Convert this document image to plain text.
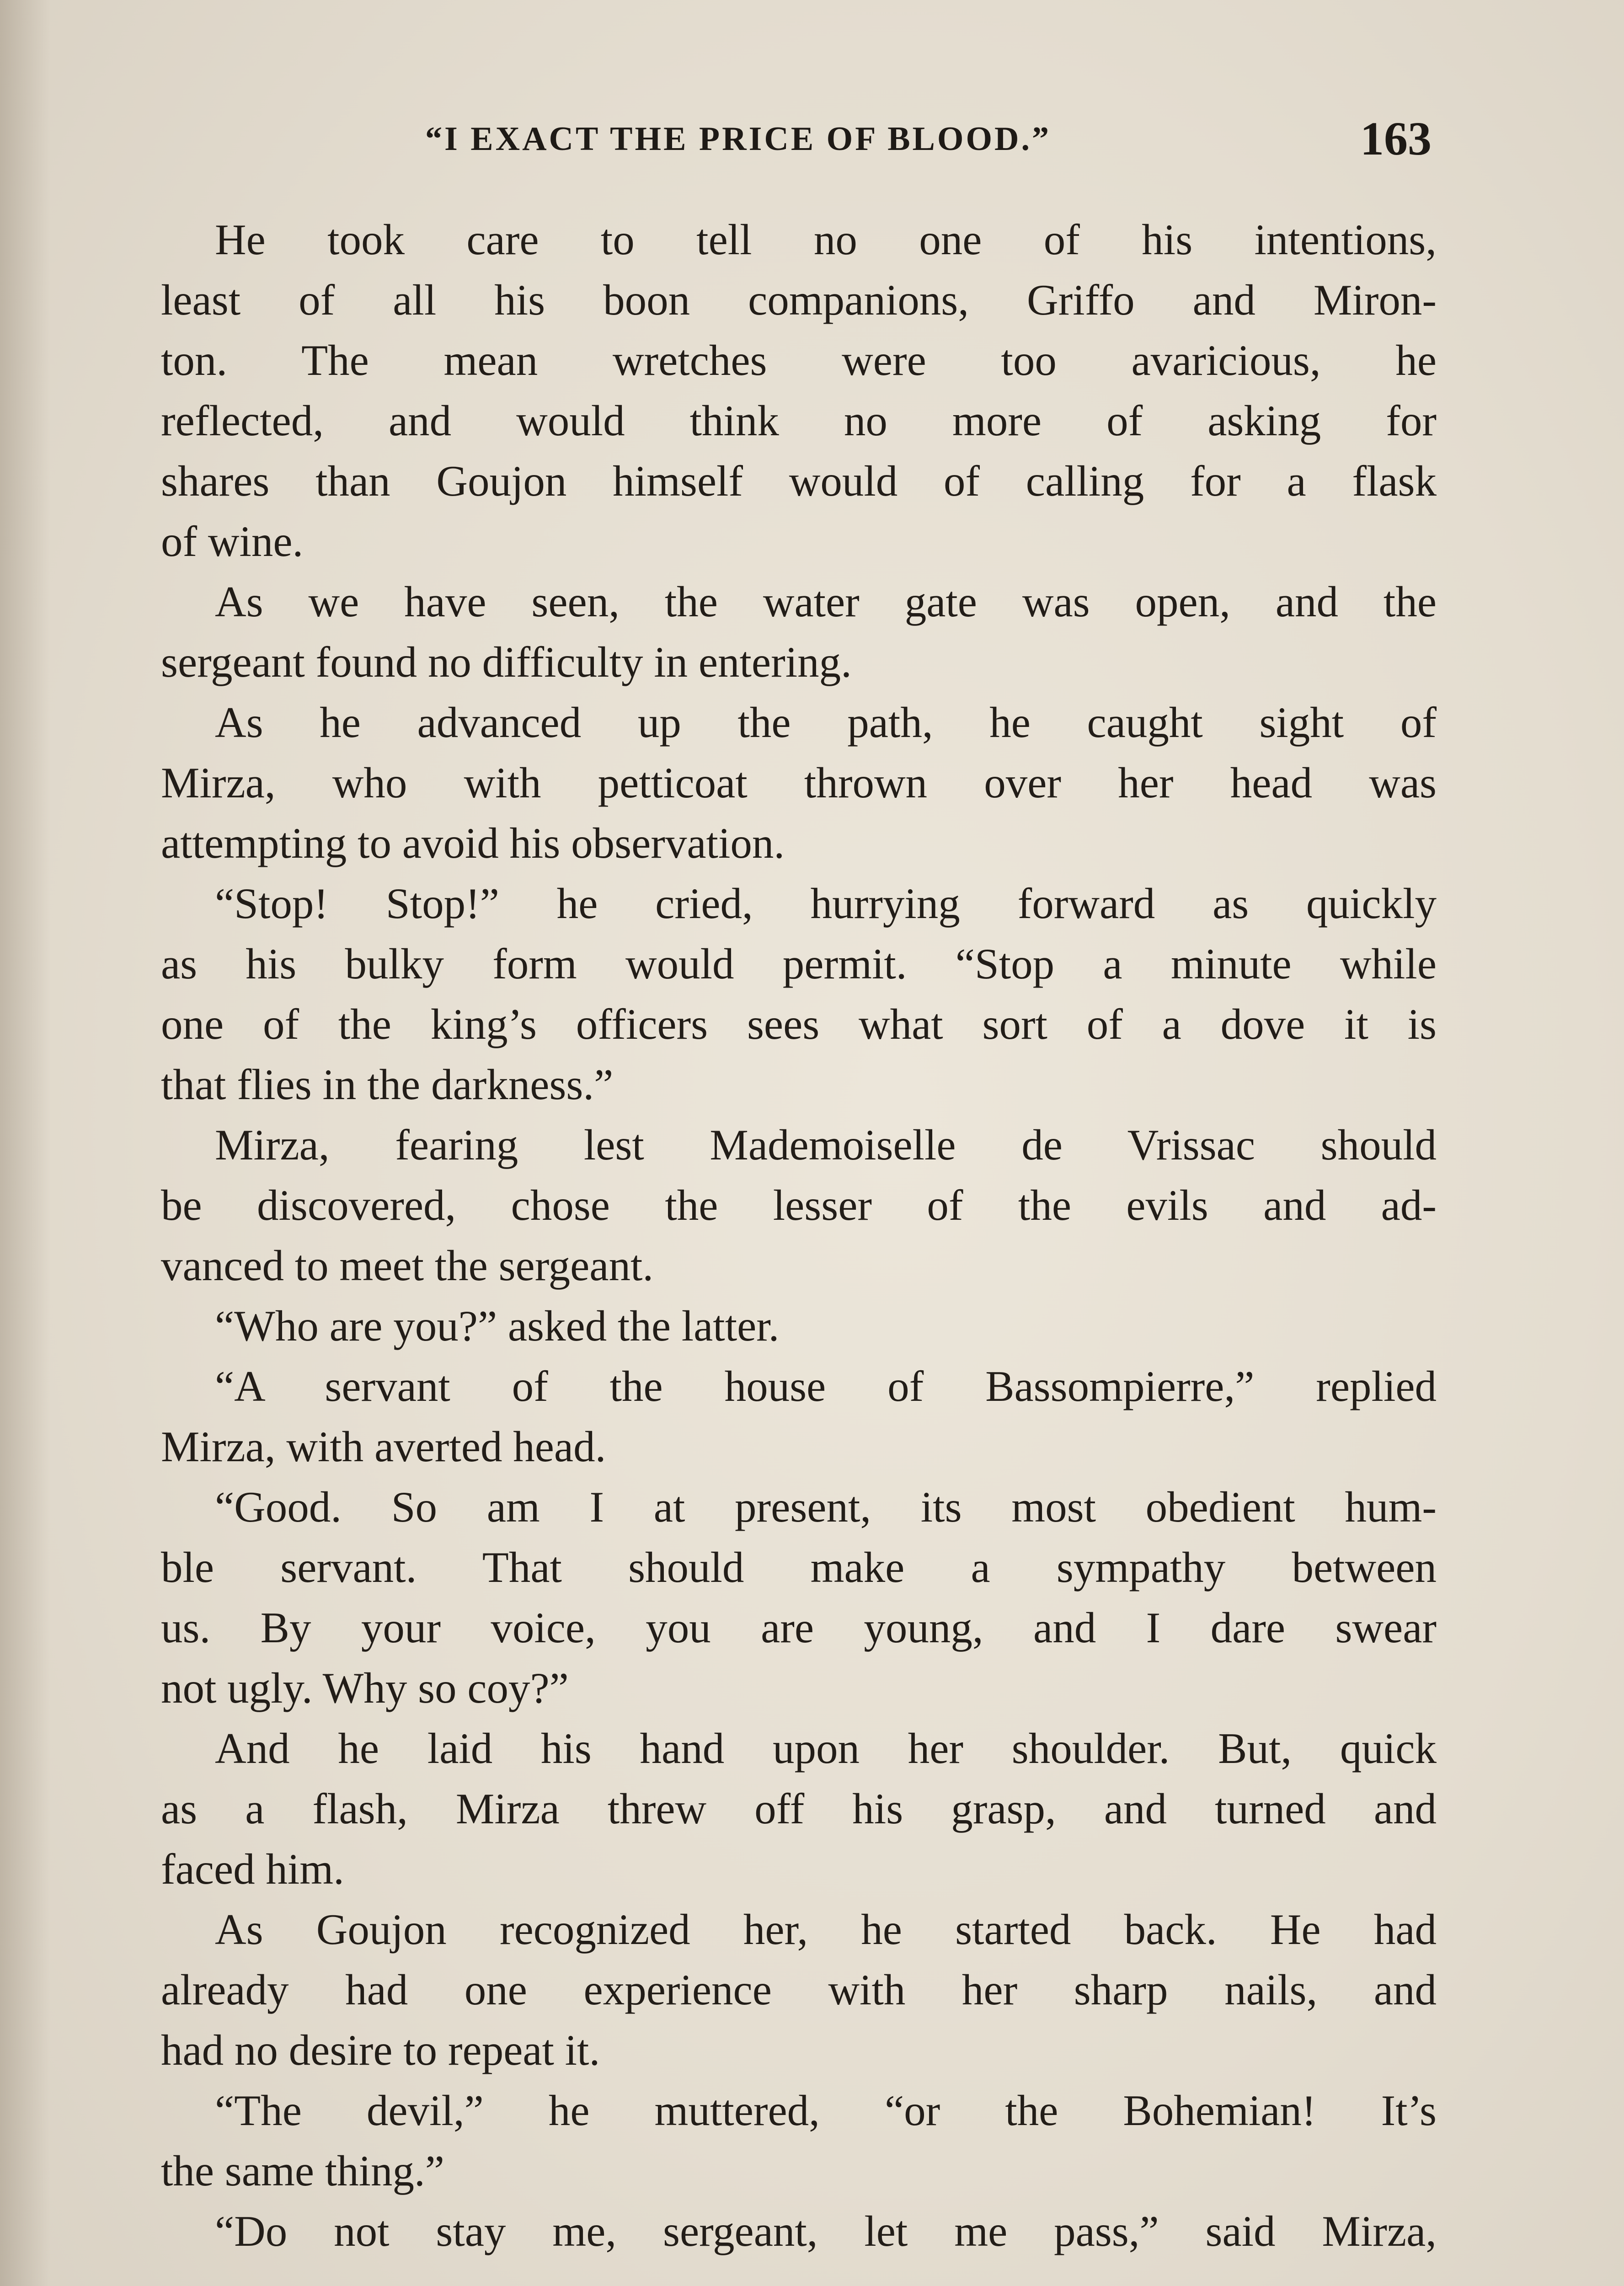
“I EXACT THE PRICE OF BLOOD.”	163
He took care to tell no one of his intentions,
least of all his boon companions, Griffo and Miron-
ton. The mean wretches were too avaricious, he
reflected, and would think no more of asking for
shares than Goujon himself would of calling for a flask
of wine.
As we have seen, the water gate was open, and the
sergeant found no difficulty in entering.
As he advanced up the path, he caught sight of
Mirza, who with petticoat thrown over her head was
attempting to avoid his observation.
“Stop! Stop!” he cried, hurrying forward as quickly
as his bulky form would permit. “Stop a minute while
one of the king’s officers sees what sort of a dove it is
that flies in the darkness.”
Mirza, fearing lest Mademoiselle de Vrissac should
be discovered, chose the lesser of the evils and ad-
vanced to meet the sergeant.
“Who are you?” asked the latter.
“A servant of the house of Bassompierre,” replied
Mirza, with averted head.
“Good. So am I at present, its most obedient hum-
ble servant. That should make a sympathy between
us. By your voice, you are young, and I dare swear
not ugly. Why so coy?”
And he laid his hand upon her shoulder. But, quick
as a flash, Mirza threw off his grasp, and turned and
faced him.
As Goujon recognized her, he started back. He had
already had one experience with her sharp nails, and
had no desire to repeat it.
“The devil,” he muttered, “or the Bohemian! It’s
the same thing.”
“Do not stay me, sergeant, let me pass,” said Mirza,
